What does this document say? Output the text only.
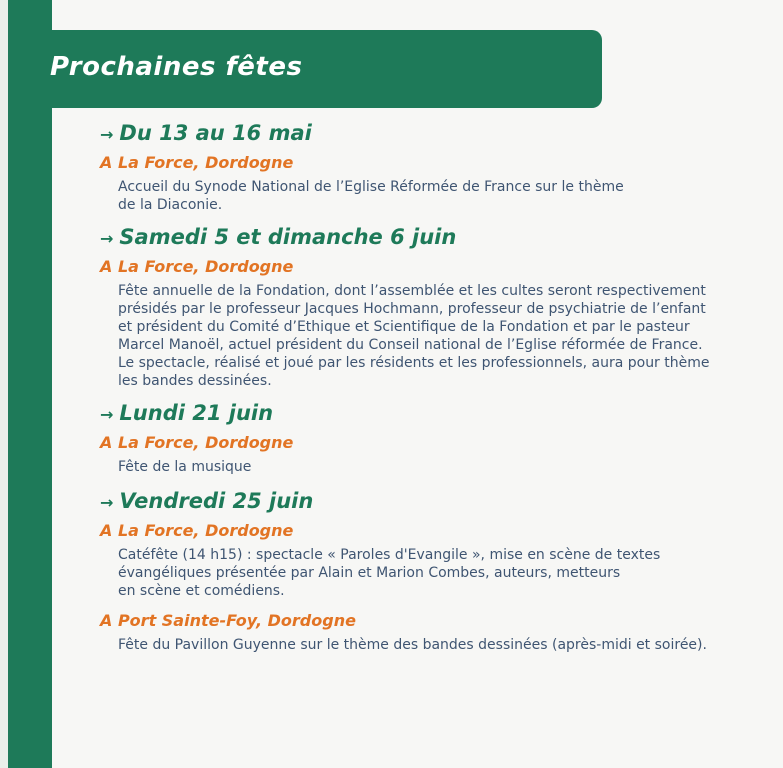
Prochaines fêtes
→ Du 13 au 16 mai
A La Force, Dordogne
Accueil du Synode National de l’Eglise Réformée de France sur le thème
de la Diaconie.
→ Samedi 5 et dimanche 6 juin
A La Force, Dordogne
Fête annuelle de la Fondation, dont l’assemblée et les cultes seront respectivement
présidés par le professeur Jacques Hochmann, professeur de psychiatrie de l’enfant
et président du Comité d’Ethique et Scientifique de la Fondation et par le pasteur
Marcel Manoël, actuel président du Conseil national de l’Eglise réformée de France.
Le spectacle, réalisé et joué par les résidents et les professionnels, aura pour thème
les bandes dessinées.
→ Lundi 21 juin
A La Force, Dordogne
Fête de la musique
→ Vendredi 25 juin
A La Force, Dordogne
Catéfête (14 h15) : spectacle « Paroles d'Evangile », mise en scène de textes
évangéliques présentée par Alain et Marion Combes, auteurs, metteurs
en scène et comédiens.
A Port Sainte-Foy, Dordogne
Fête du Pavillon Guyenne sur le thème des bandes dessinées (après-midi et soirée).
